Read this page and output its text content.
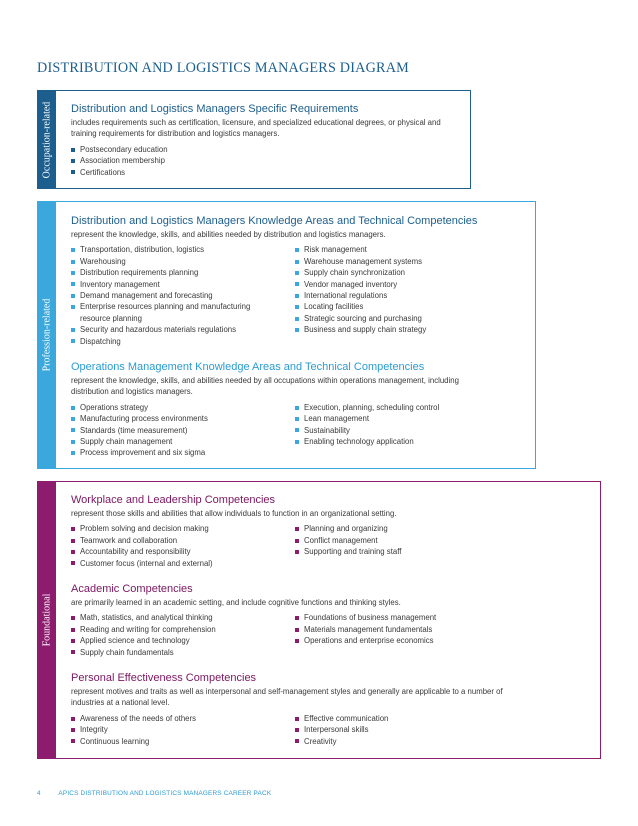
DISTRIBUTION AND LOGISTICS MANAGERS DIAGRAM
Occupation-related Distribution and Logistics Managers Specific Requirements
includes requirements such as certification, licensure, and specialized educational degrees, or physical and training requirements for distribution and logistics managers.
Postsecondary education
Association membership
Certifications
Profession-related
Distribution and Logistics Managers Knowledge Areas and Technical Competencies
represent the knowledge, skills, and abilities needed by distribution and logistics managers.
Transportation, distribution, logistics
Warehousing
Distribution requirements planning
Inventory management
Demand management and forecasting
Enterprise resources planning and manufacturing resource planning
Security and hazardous materials regulations
Dispatching
Risk management
Warehouse management systems
Supply chain synchronization
Vendor managed inventory
International regulations
Locating facilities
Strategic sourcing and purchasing
Business and supply chain strategy
Operations Management Knowledge Areas and Technical Competencies
represent the knowledge, skills, and abilities needed by all occupations within operations management, including distribution and logistics managers.
Operations strategy
Manufacturing process environments
Standards (time measurement)
Supply chain management
Process improvement and six sigma
Execution, planning, scheduling control
Lean management
Sustainability
Enabling technology application
Foundational
Workplace and Leadership Competencies
represent those skills and abilities that allow individuals to function in an organizational setting.
Problem solving and decision making
Teamwork and collaboration
Accountability and responsibility
Customer focus (internal and external)
Planning and organizing
Conflict management
Supporting and training staff
Academic Competencies
are primarily learned in an academic setting, and include cognitive functions and thinking styles.
Math, statistics, and analytical thinking
Reading and writing for comprehension
Applied science and technology
Supply chain fundamentals
Foundations of business management
Materials management fundamentals
Operations and enterprise economics
Personal Effectiveness Competencies
represent motives and traits as well as interpersonal and self-management styles and generally are applicable to a number of industries at a national level.
Awareness of the needs of others
Integrity
Continuous learning
Effective communication
Interpersonal skills
Creativity
4	APICS DISTRIBUTION AND LOGISTICS MANAGERS CAREER PACK
